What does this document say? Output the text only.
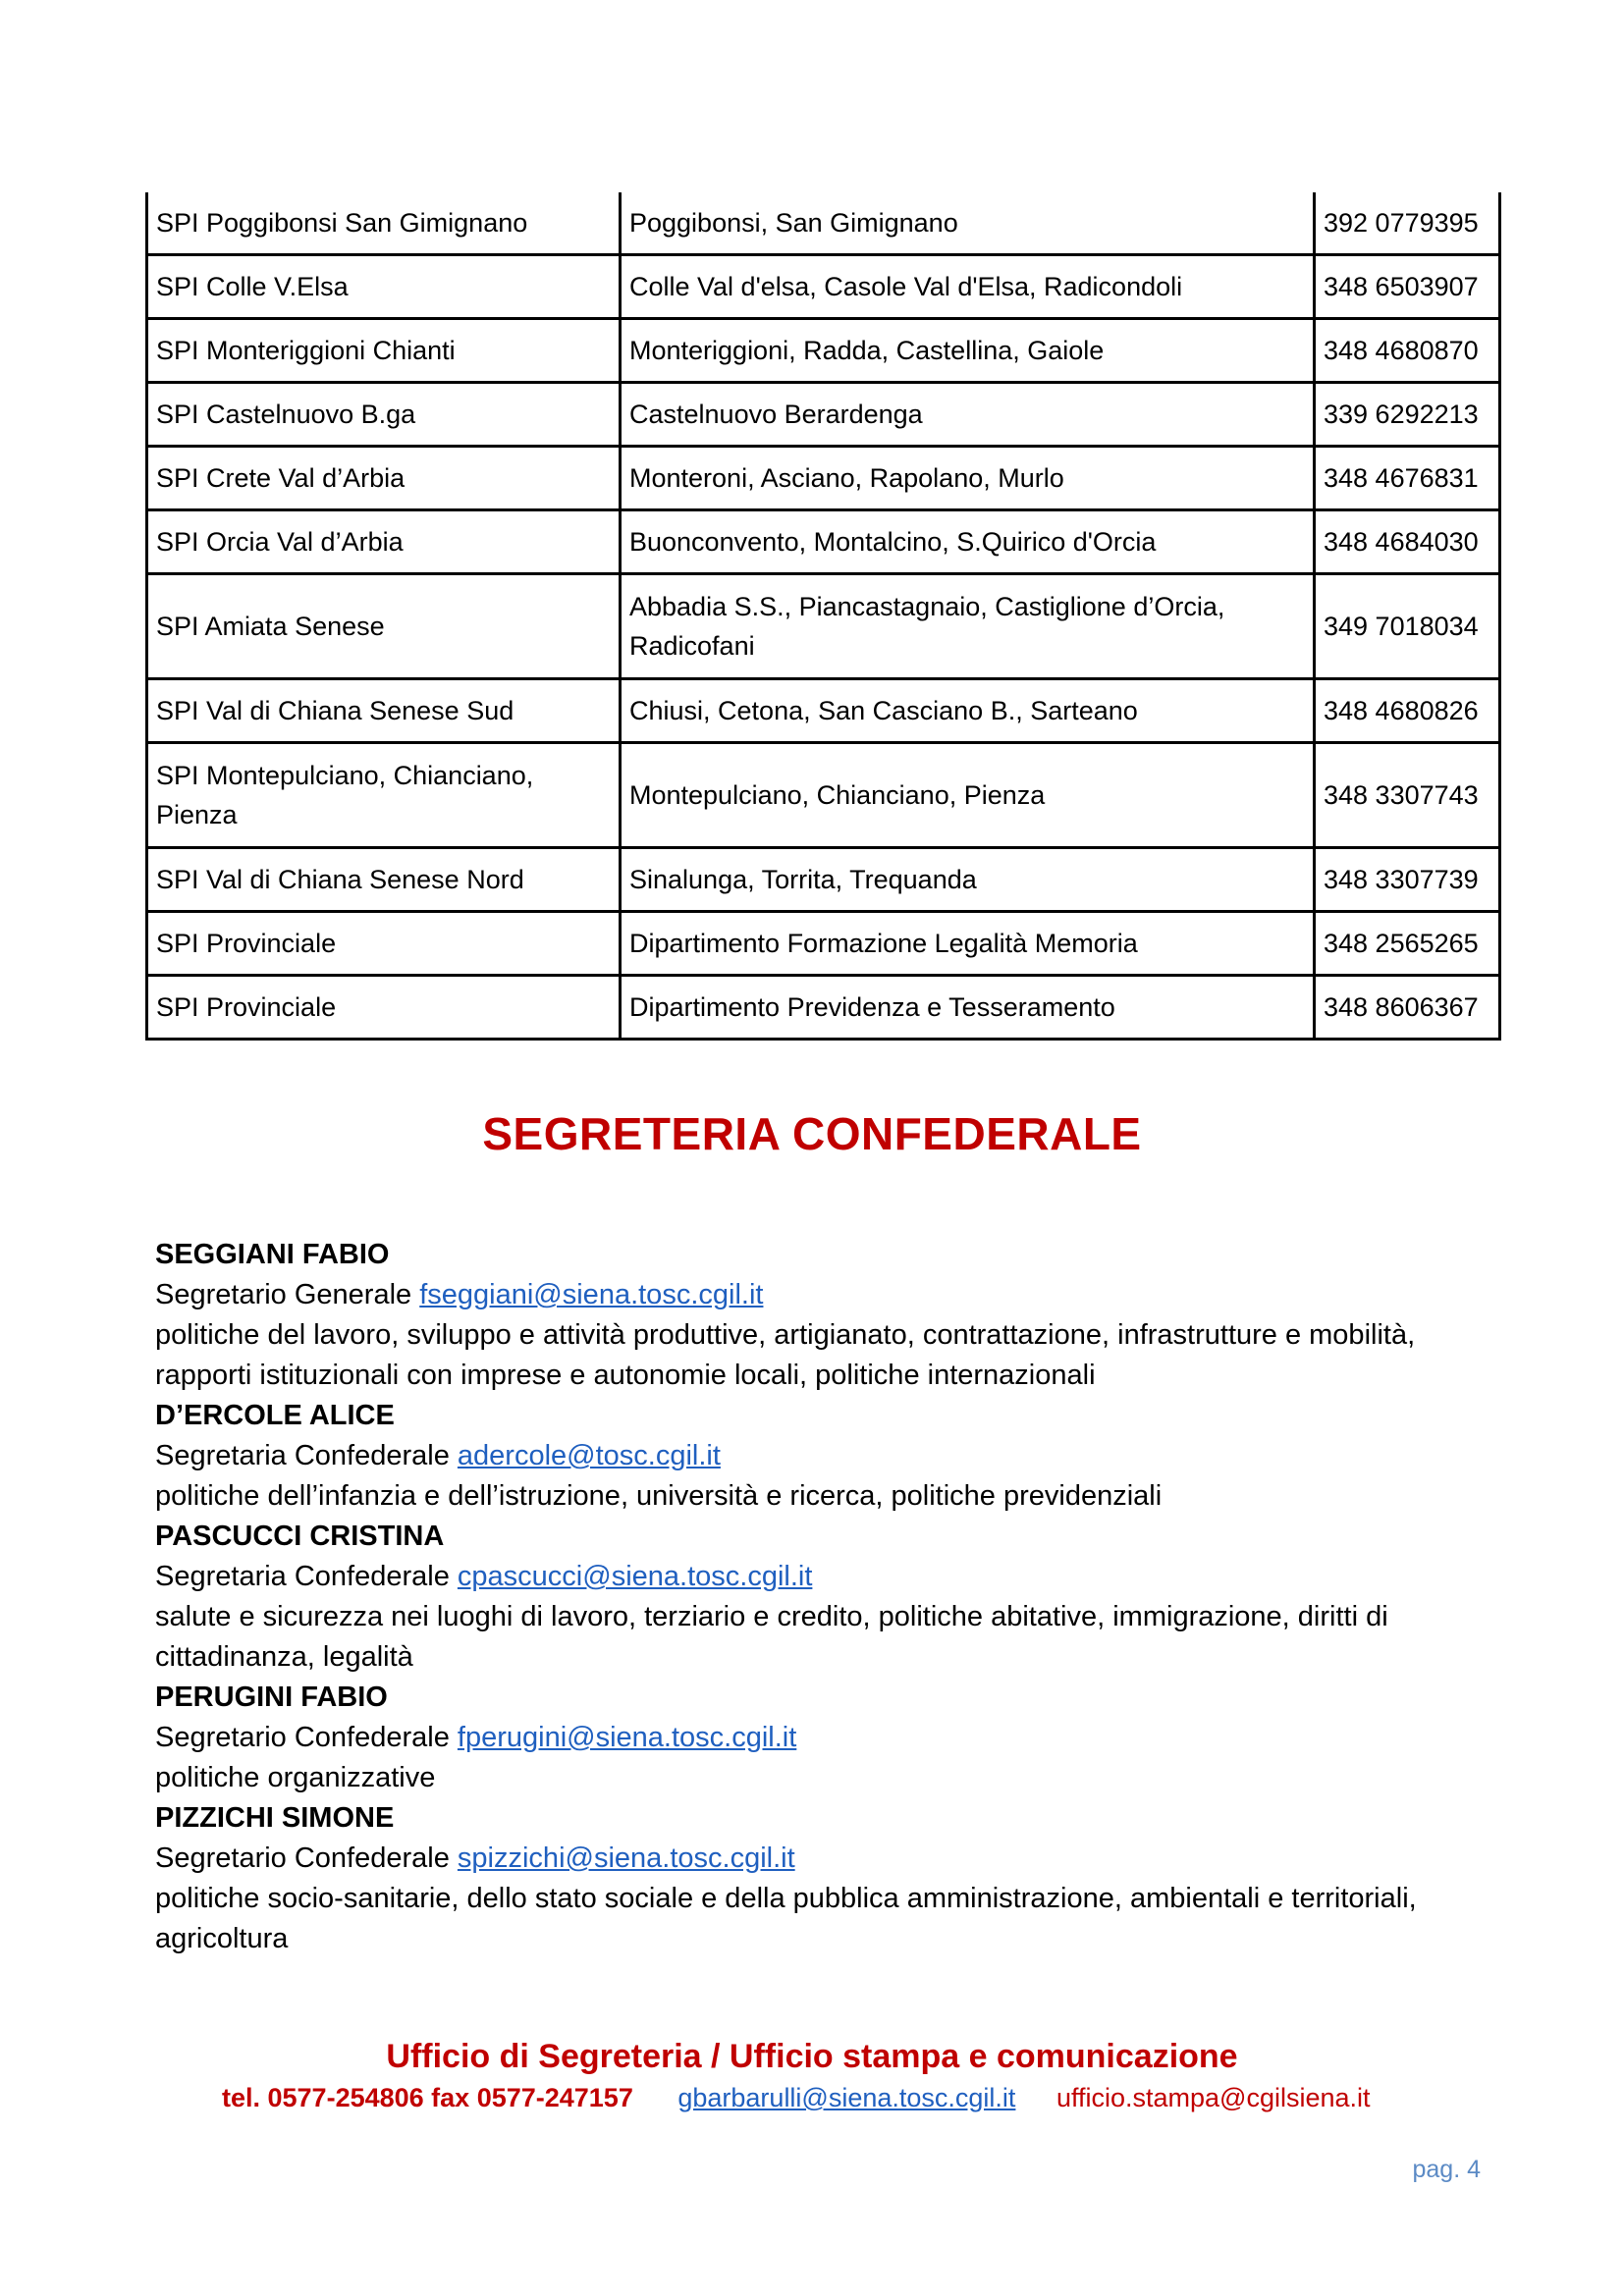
SPI Poggibonsi San Gimignano	Poggibonsi, San Gimignano	392 0779395
SPI Colle V.Elsa	Colle Val d'elsa, Casole Val d'Elsa, Radicondoli	348 6503907
SPI Monteriggioni Chianti	Monteriggioni, Radda, Castellina, Gaiole	348 4680870
SPI Castelnuovo B.ga	Castelnuovo Berardenga	339 6292213
SPI Crete Val d’Arbia	Monteroni, Asciano, Rapolano, Murlo	348 4676831
SPI Orcia Val d’Arbia	Buonconvento, Montalcino, S.Quirico d'Orcia	348 4684030
SPI Amiata Senese	Abbadia S.S., Piancastagnaio, Castiglione d’Orcia, Radicofani	349 7018034
SPI Val di Chiana Senese Sud	Chiusi, Cetona, San Casciano B., Sarteano	348 4680826
SPI Montepulciano, Chianciano, Pienza	Montepulciano, Chianciano, Pienza	348 3307743
SPI Val di Chiana Senese Nord	Sinalunga, Torrita, Trequanda	348 3307739
SPI Provinciale	Dipartimento Formazione Legalità Memoria	348 2565265
SPI Provinciale	Dipartimento Previdenza e Tesseramento	348 8606367
SEGRETERIA CONFEDERALE

SEGGIANI FABIO

Segretario Generale fseggiani@siena.tosc.cgil.it

politiche del lavoro, sviluppo e attività produttive, artigianato, contrattazione, infrastrutture e mobilità, rapporti istituzionali con imprese e autonomie locali, politiche internazionali

D’ERCOLE ALICE

Segretaria Confederale adercole@tosc.cgil.it

politiche dell’infanzia e dell’istruzione, università e ricerca, politiche previdenziali

PASCUCCI CRISTINA

Segretaria Confederale cpascucci@siena.tosc.cgil.it

salute e sicurezza nei luoghi di lavoro, terziario e credito, politiche abitative, immigrazione, diritti di cittadinanza, legalità

PERUGINI FABIO

Segretario Confederale fperugini@siena.tosc.cgil.it

politiche organizzative

PIZZICHI SIMONE

Segretario Confederale spizzichi@siena.tosc.cgil.it

politiche socio-sanitarie, dello stato sociale e della pubblica amministrazione, ambientali e territoriali, agricoltura

Ufficio di Segreteria / Ufficio stampa e comunicazione
tel. 0577-254806 fax 0577-247157 gbarbarulli@siena.tosc.cgil.it ufficio.stampa@cgilsiena.it
pag. 4
